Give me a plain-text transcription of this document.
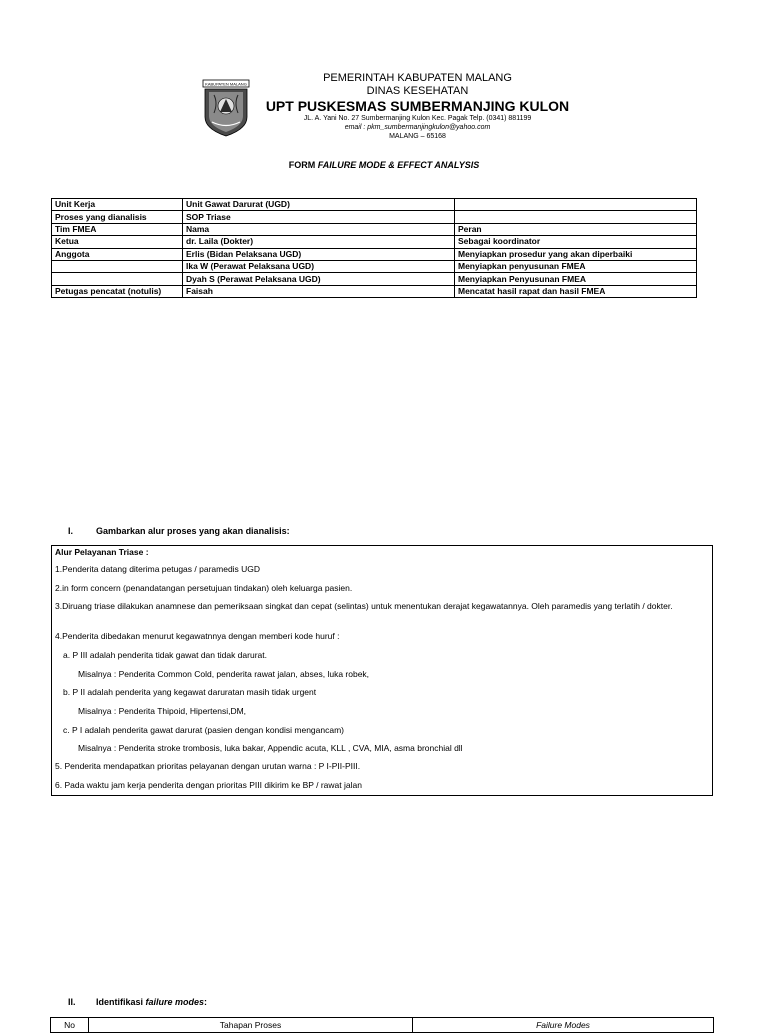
KABUPATEN MALANG	PEMERINTAH KABUPATEN MALANG
DINAS KESEHATAN
UPT PUSKESMAS SUMBERMANJING KULON
JL. A. Yani No. 27 Sumbermanjing Kulon Kec. Pagak Telp. (0341) 881199
email : pkm_sumbermanjingkulon@yahoo.com
MALANG – 65168
FORM FAILURE MODE & EFFECT ANALYSIS
Unit Kerja	Unit Gawat Darurat (UGD)	
Proses yang dianalisis	SOP Triase	
Tim FMEA	Nama	Peran
Ketua	dr. Laila (Dokter)	Sebagai koordinator
Anggota	Erlis (Bidan Pelaksana UGD)	Menyiapkan prosedur yang akan diperbaiki
	Ika W (Perawat Pelaksana UGD)	Menyiapkan penyusunan FMEA
	Dyah S (Perawat Pelaksana UGD)	Menyiapkan Penyusunan FMEA
Petugas pencatat (notulis)	Faisah	Mencatat hasil rapat dan hasil FMEA
I.	Gambarkan alur proses yang akan dianalisis:
Alur Pelayanan Triase :
1.Penderita datang diterima petugas / paramedis UGD
2.in form concern (penandatangan persetujuan tindakan) oleh keluarga pasien.
3.Diruang triase dilakukan anamnese dan pemeriksaan singkat dan cepat (selintas) untuk menentukan derajat kegawatannya. Oleh paramedis yang terlatih / dokter.
4.Penderita dibedakan menurut kegawatnnya dengan memberi kode huruf :
a. P III adalah penderita tidak gawat dan tidak darurat.
Misalnya : Penderita Common Cold, penderita rawat jalan, abses, luka robek,
b. P II adalah penderita yang kegawat daruratan masih tidak urgent
Misalnya : Penderita Thipoid, Hipertensi,DM,
c. P I adalah penderita gawat darurat (pasien dengan kondisi mengancam)
Misalnya : Penderita stroke trombosis, luka bakar, Appendic acuta, KLL , CVA, MIA, asma bronchial dll
5. Penderita mendapatkan prioritas pelayanan dengan urutan warna : P I-PII-PIII.
6. Pada waktu jam kerja penderita dengan prioritas PIII dikirim ke BP / rawat jalan
II. Identifikasi failure modes:
No	Tahapan Proses	Failure Modes
